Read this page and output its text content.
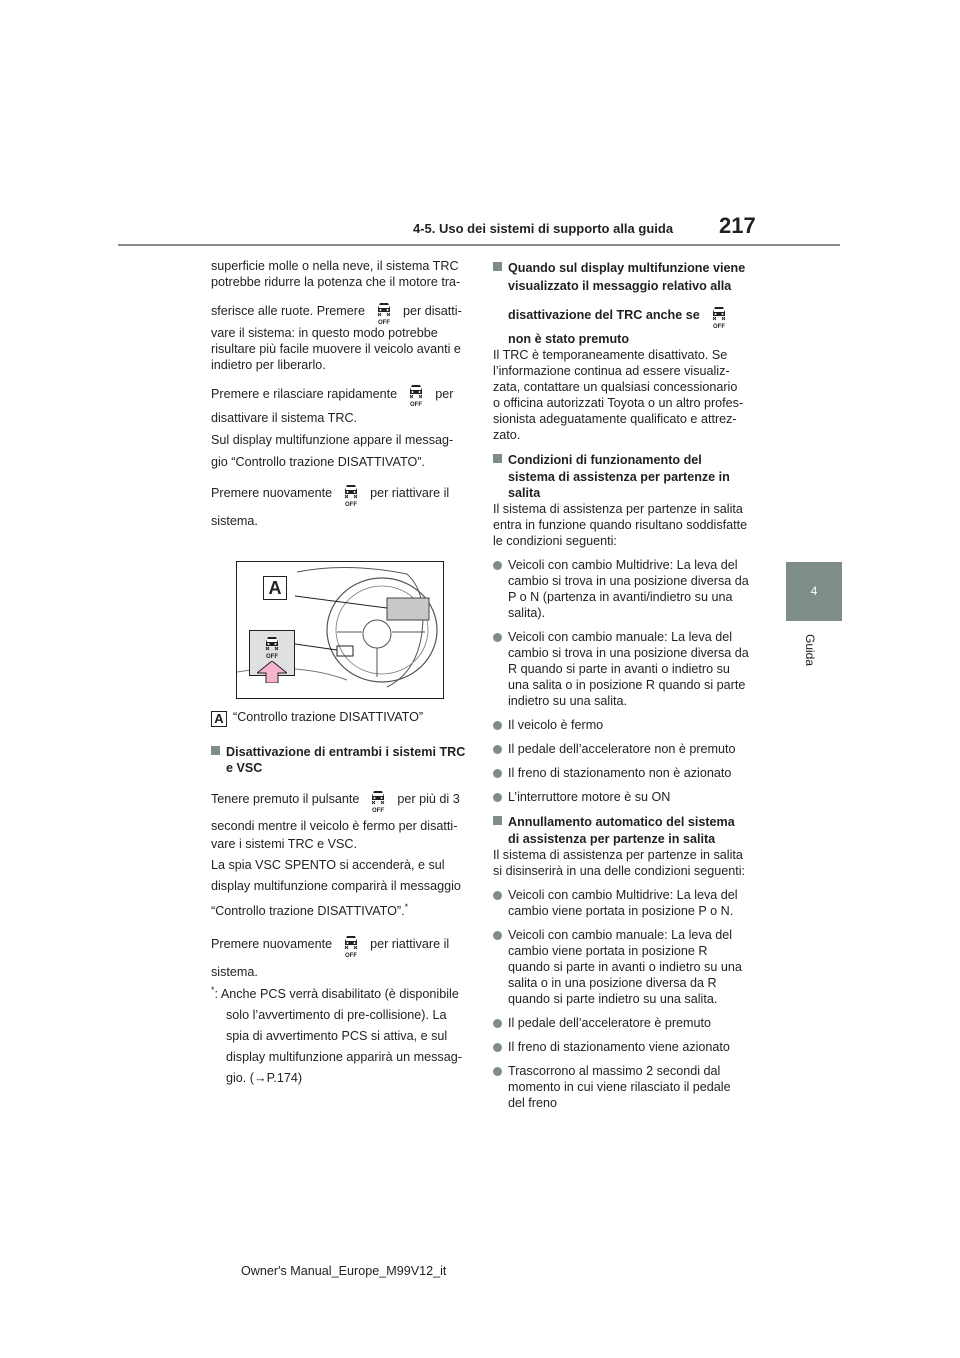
4-5. Uso dei sistemi di supporto alla guida 217
4
Guida
superficie molle o nella neve, il sistema TRC
potrebbe ridurre la potenza che il motore tra-
sferisce alle ruote. Premere	per disatti-
vare il sistema: in questo modo potrebbe
risultare più facile muovere il veicolo avanti e
indietro per liberarlo.
Premere e rilasciare rapidamente	per
disattivare il sistema TRC.
Sul display multifunzione appare il messag-
gio “Controllo trazione DISATTIVATO”.
Premere nuovamente	per riattivare il
sistema.
A
A “Controllo trazione DISATTIVATO”
Disattivazione di entrambi i sistemi TRC
e VSC
Tenere premuto il pulsante	per più di 3
secondi mentre il veicolo è fermo per disatti-
vare i sistemi TRC e VSC.
La spia VSC SPENTO si accenderà, e sul
display multifunzione comparirà il messaggio
“Controllo trazione DISATTIVATO”.*
Premere nuovamente	per riattivare il
sistema.
*: Anche PCS verrà disabilitato (è disponibile
solo l’avvertimento di pre-collisione). La
spia di avvertimento PCS si attiva, e sul
display multifunzione apparirà un messag-
gio. (→P.174)
Quando sul display multifunzione viene
visualizzato il messaggio relativo alla
disattivazione del TRC anche se
non è stato premuto
Il TRC è temporaneamente disattivato. Se
l’informazione continua ad essere visualiz-
zata, contattare un qualsiasi concessionario
o officina autorizzati Toyota o un altro profes-
sionista adeguatamente qualificato e attrez-
zato.
Condizioni di funzionamento del
sistema di assistenza per partenze in
salita
Il sistema di assistenza per partenze in salita
entra in funzione quando risultano soddisfatte
le condizioni seguenti:
Veicoli con cambio Multidrive: La leva del
cambio si trova in una posizione diversa da
P o N (partenza in avanti/indietro su una
salita).
Veicoli con cambio manuale: La leva del
cambio si trova in una posizione diversa da
R quando si parte in avanti o indietro su
una salita o in posizione R quando si parte
indietro su una salita.
Il veicolo è fermo
Il pedale dell’acceleratore non è premuto
Il freno di stazionamento non è azionato
L’interruttore motore è su ON
Annullamento automatico del sistema
di assistenza per partenze in salita
Il sistema di assistenza per partenze in salita
si disinserirà in una delle condizioni seguenti:
Veicoli con cambio Multidrive: La leva del
cambio viene portata in posizione P o N.
Veicoli con cambio manuale: La leva del
cambio viene portata in posizione R
quando si parte in avanti o indietro su una
salita o in una posizione diversa da R
quando si parte indietro su una salita.
Il pedale dell’acceleratore è premuto
Il freno di stazionamento viene azionato
Trascorrono al massimo 2 secondi dal
momento in cui viene rilasciato il pedale
del freno
Owner's Manual_Europe_M99V12_it
